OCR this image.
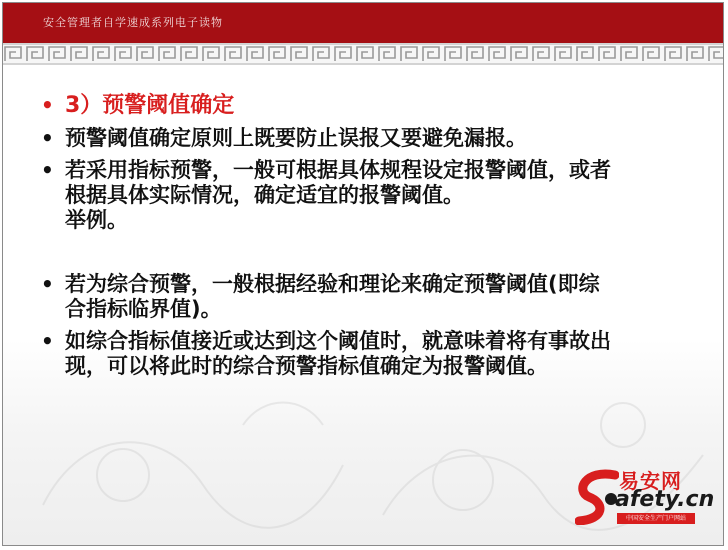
安全管理者自学速成系列电子读物
• 3）预警阈值确定
• 预警阈值确定原则上既要防止误报又要避免漏报。
• 若采用指标预警，一般可根据具体规程设定报警阈值，或者
根据具体实际情况，确定适宜的报警阈值。
举例。
• 若为综合预警，一般根据经验和理论来确定预警阈值(即综
合指标临界值)。
• 如综合指标值接近或达到这个阈值时，就意味着将有事故出
现，可以将此时的综合预警指标值确定为报警阈值。
易安网
afety.cn
中国安全生产门户网站
